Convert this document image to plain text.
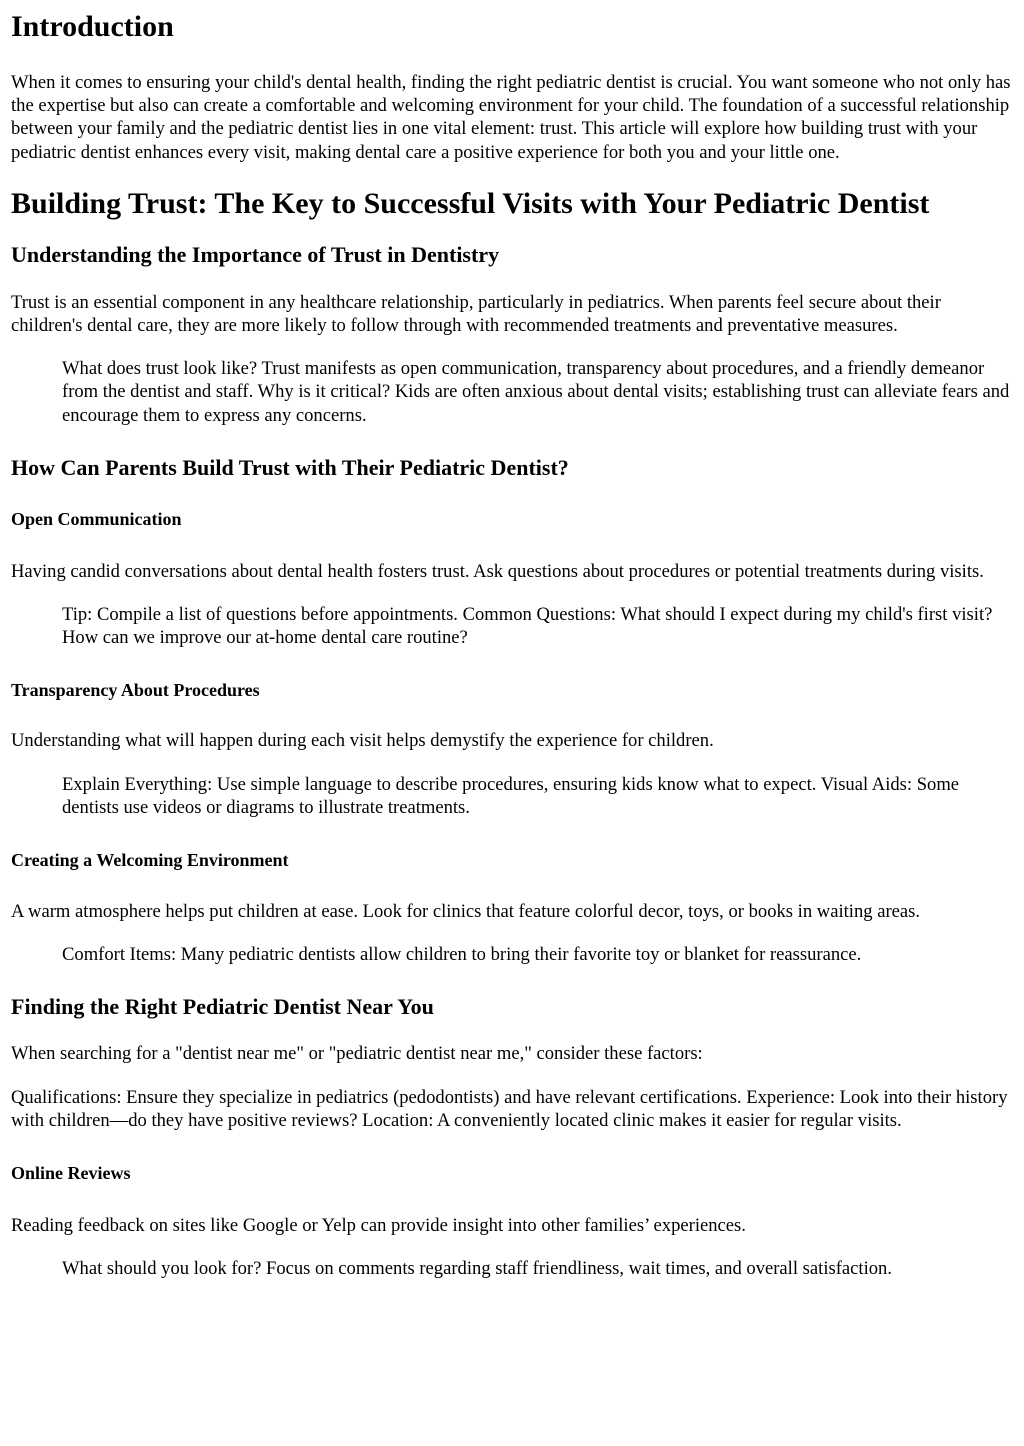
Introduction

When it comes to ensuring your child's dental health, finding the right pediatric dentist is crucial. You want someone who not only has the expertise but also can create a comfortable and welcoming environment for your child. The foundation of a successful relationship between your family and the pediatric dentist lies in one vital element: trust. This article will explore how building trust with your pediatric dentist enhances every visit, making dental care a positive experience for both you and your little one.

Building Trust: The Key to Successful Visits with Your Pediatric Dentist
Understanding the Importance of Trust in Dentistry

Trust is an essential component in any healthcare relationship, particularly in pediatrics. When parents feel secure about their children's dental care, they are more likely to follow through with recommended treatments and preventative measures.

What does trust look like? Trust manifests as open communication, transparency about procedures, and a friendly demeanor from the dentist and staff. Why is it critical? Kids are often anxious about dental visits; establishing trust can alleviate fears and encourage them to express any concerns.
How Can Parents Build Trust with Their Pediatric Dentist?
Open Communication

Having candid conversations about dental health fosters trust. Ask questions about procedures or potential treatments during visits.

Tip: Compile a list of questions before appointments. Common Questions: What should I expect during my child's first visit? How can we improve our at-home dental care routine?
Transparency About Procedures

Understanding what will happen during each visit helps demystify the experience for children.

Explain Everything: Use simple language to describe procedures, ensuring kids know what to expect. Visual Aids: Some dentists use videos or diagrams to illustrate treatments.
Creating a Welcoming Environment

A warm atmosphere helps put children at ease. Look for clinics that feature colorful decor, toys, or books in waiting areas.

Comfort Items: Many pediatric dentists allow children to bring their favorite toy or blanket for reassurance.
Finding the Right Pediatric Dentist Near You

When searching for a "dentist near me" or "pediatric dentist near me," consider these factors:

Qualifications: Ensure they specialize in pediatrics (pedodontists) and have relevant certifications. Experience: Look into their history with children—do they have positive reviews? Location: A conveniently located clinic makes it easier for regular visits.

Online Reviews

Reading feedback on sites like Google or Yelp can provide insight into other families’ experiences.

What should you look for? Focus on comments regarding staff friendliness, wait times, and overall satisfaction.
